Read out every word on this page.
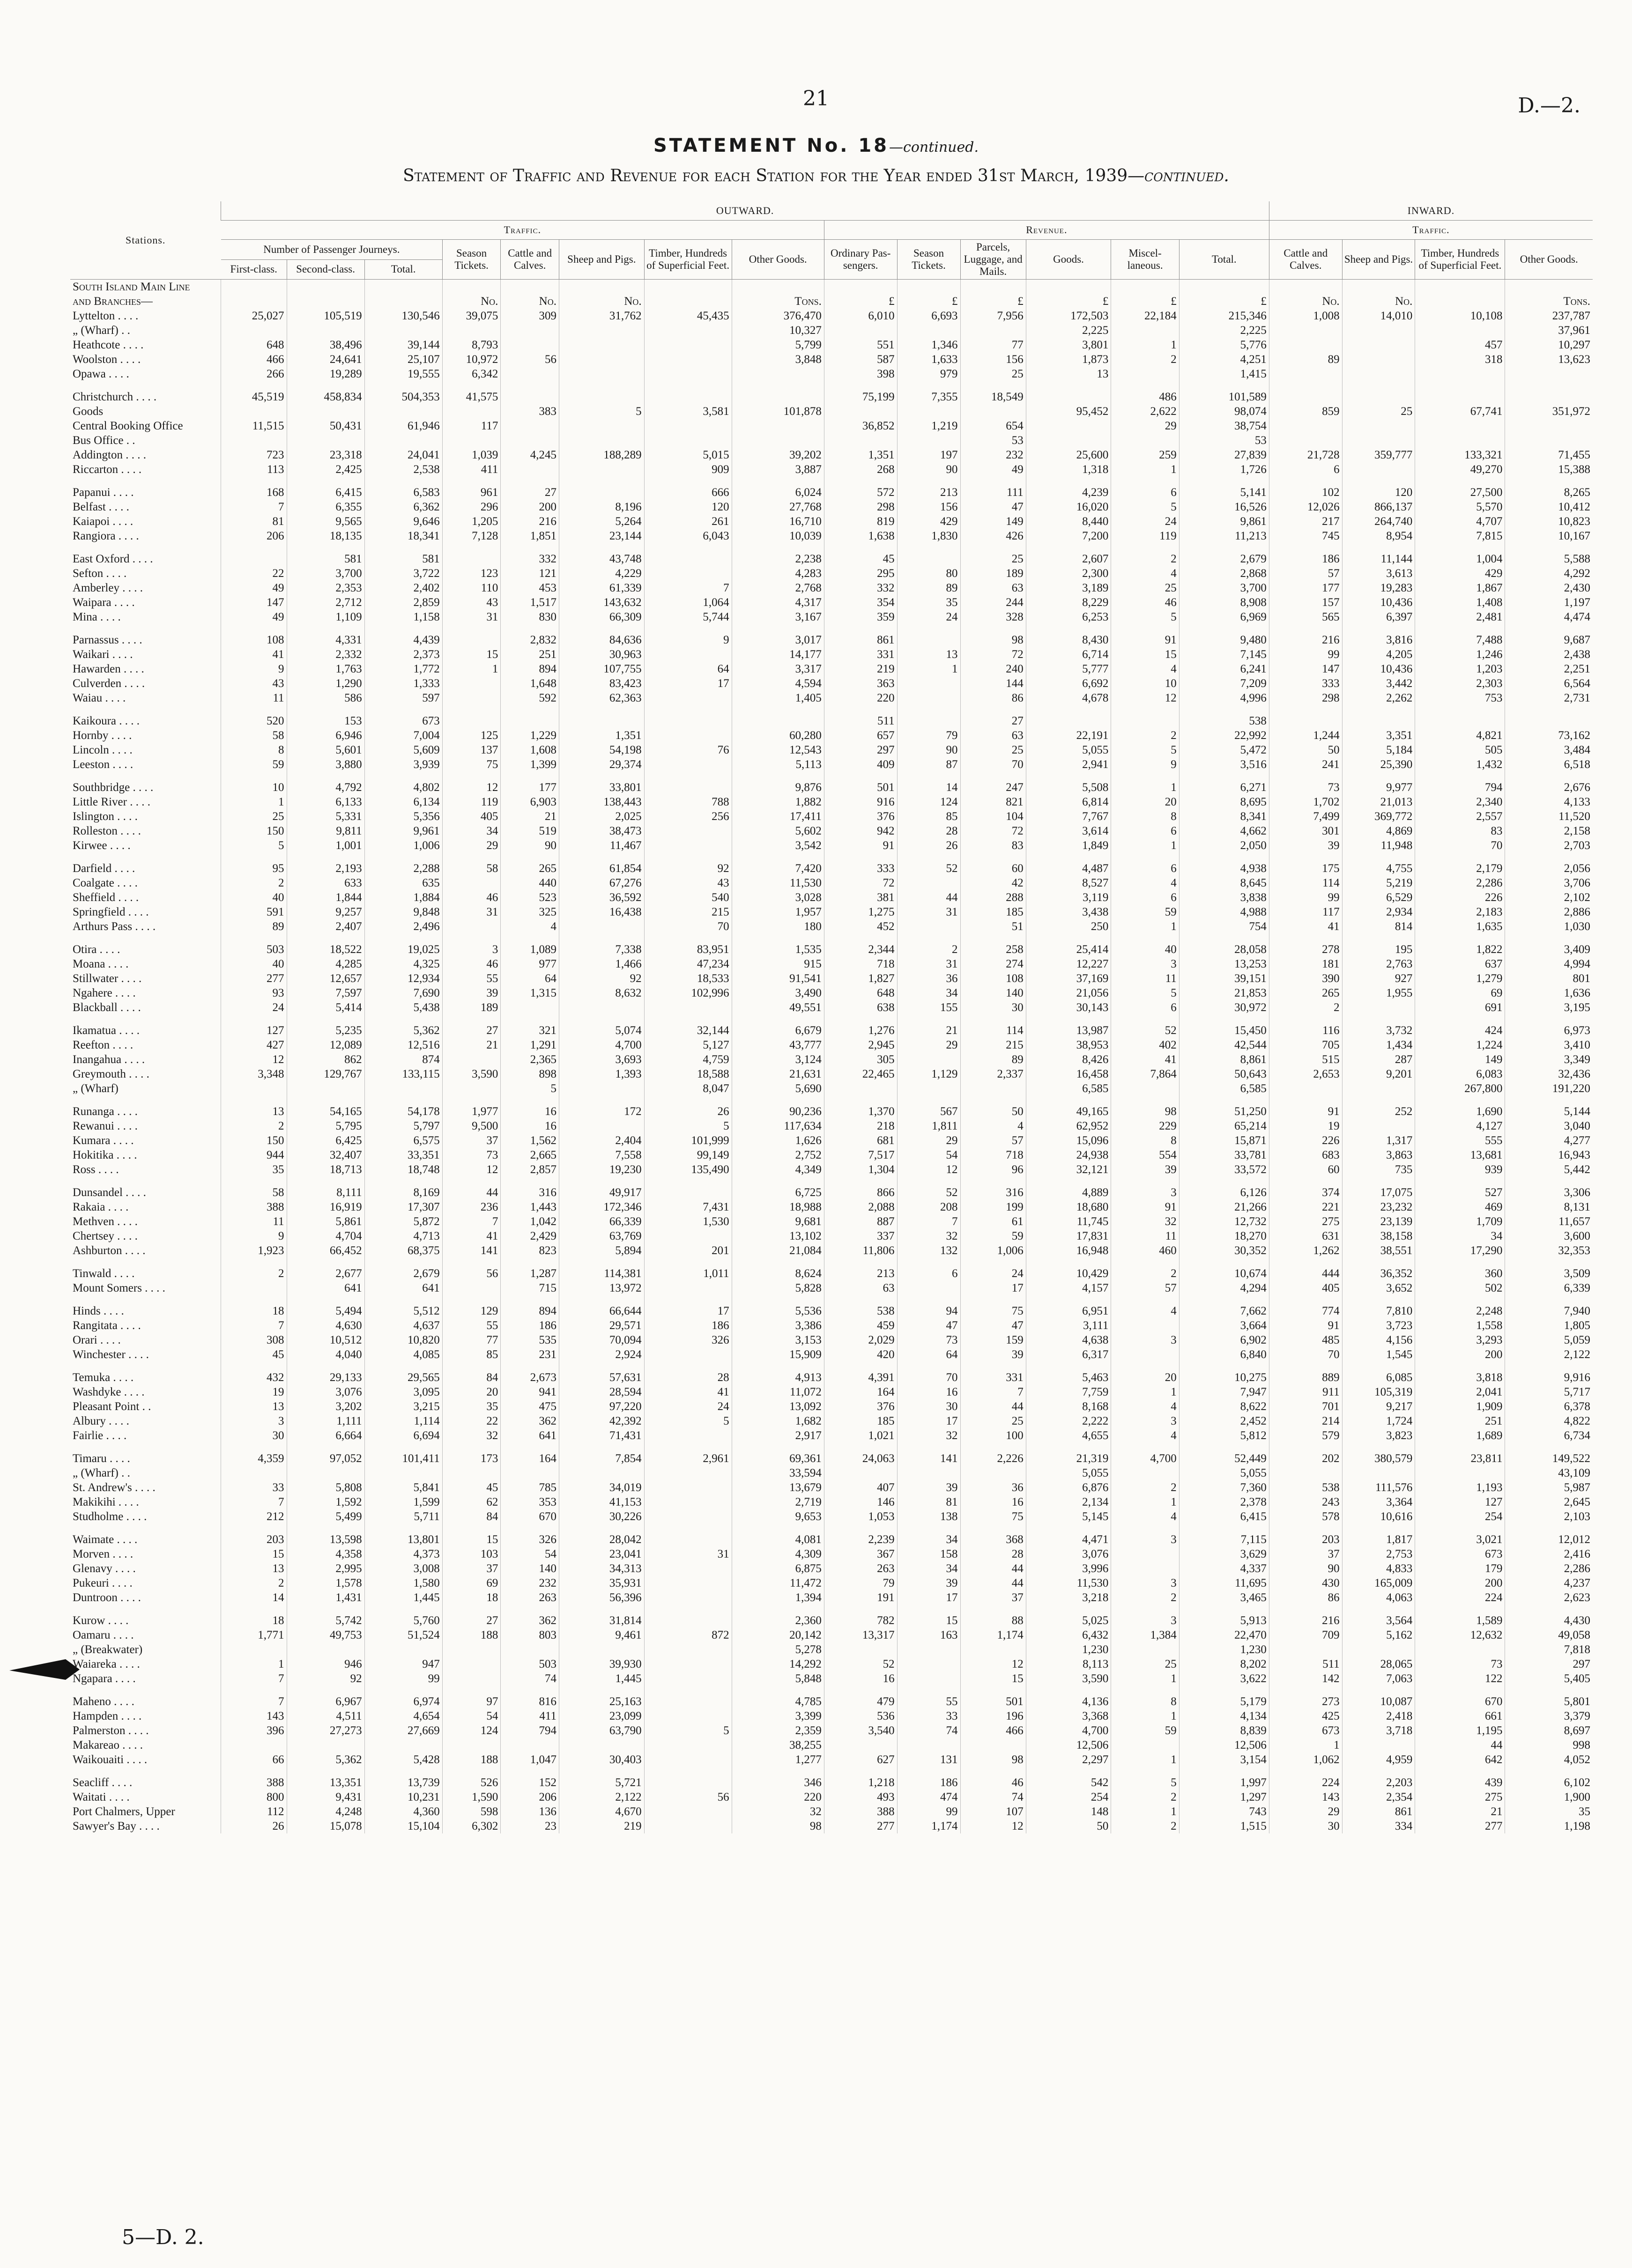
21	D.—2.
STATEMENT No. 18—continued.
Statement of Traffic and Revenue for each Station for the Year ended 31st March, 1939—continued.
Stations.	OUTWARD.														INWARD.			
	Traffic.								Revenue.						Traffic.			
	Number of Passenger Journeys.			Season Tickets.	Cattle and Calves.	Sheep and Pigs.	Timber, Hundreds of Superficial Feet.	Other Goods.	Ordinary Pas-sengers.	Season Tickets.	Parcels, Luggage, and Mails.	Goods.	Miscel-laneous.	Total.	Cattle and Calves.	Sheep and Pigs.	Timber, Hundreds of Superficial Feet.	Other Goods.
	First-class.	Second-class.	Total.															
South Island Main Line																		
and Branches—				No.	No.	No.		Tons.	£	£	£	£	£	£	No.	No.		Tons.
Lyttelton . . . .	25,027	105,519	130,546	39,075	309	31,762	45,435	376,470	6,010	6,693	7,956	172,503	22,184	215,346	1,008	14,010	10,108	237,787
„ (Wharf) . .								10,327				2,225		2,225				37,961
Heathcote . . . .	648	38,496	39,144	8,793				5,799	551	1,346	77	3,801	1	5,776			457	10,297
Woolston . . . .	466	24,641	25,107	10,972	56			3,848	587	1,633	156	1,873	2	4,251	89		318	13,623
Opawa . . . .	266	19,289	19,555	6,342					398	979	25	13		1,415				

Christchurch . . . .	45,519	458,834	504,353	41,575					75,199	7,355	18,549		486	101,589				
Goods					383	5	3,581	101,878				95,452	2,622	98,074	859	25	67,741	351,972
Central Booking Office	11,515	50,431	61,946	117					36,852	1,219	654		29	38,754				
Bus Office . .											53			53				
Addington . . . .	723	23,318	24,041	1,039	4,245	188,289	5,015	39,202	1,351	197	232	25,600	259	27,839	21,728	359,777	133,321	71,455
Riccarton . . . .	113	2,425	2,538	411			909	3,887	268	90	49	1,318	1	1,726	6		49,270	15,388

Papanui . . . .	168	6,415	6,583	961	27		666	6,024	572	213	111	4,239	6	5,141	102	120	27,500	8,265
Belfast . . . .	7	6,355	6,362	296	200	8,196	120	27,768	298	156	47	16,020	5	16,526	12,026	866,137	5,570	10,412
Kaiapoi . . . .	81	9,565	9,646	1,205	216	5,264	261	16,710	819	429	149	8,440	24	9,861	217	264,740	4,707	10,823
Rangiora . . . .	206	18,135	18,341	7,128	1,851	23,144	6,043	10,039	1,638	1,830	426	7,200	119	11,213	745	8,954	7,815	10,167

East Oxford . . . .		581	581		332	43,748		2,238	45		25	2,607	2	2,679	186	11,144	1,004	5,588
Sefton . . . .	22	3,700	3,722	123	121	4,229		4,283	295	80	189	2,300	4	2,868	57	3,613	429	4,292
Amberley . . . .	49	2,353	2,402	110	453	61,339	7	2,768	332	89	63	3,189	25	3,700	177	19,283	1,867	2,430
Waipara . . . .	147	2,712	2,859	43	1,517	143,632	1,064	4,317	354	35	244	8,229	46	8,908	157	10,436	1,408	1,197
Mina . . . .	49	1,109	1,158	31	830	66,309	5,744	3,167	359	24	328	6,253	5	6,969	565	6,397	2,481	4,474

Parnassus . . . .	108	4,331	4,439		2,832	84,636	9	3,017	861		98	8,430	91	9,480	216	3,816	7,488	9,687
Waikari . . . .	41	2,332	2,373	15	251	30,963		14,177	331	13	72	6,714	15	7,145	99	4,205	1,246	2,438
Hawarden . . . .	9	1,763	1,772	1	894	107,755	64	3,317	219	1	240	5,777	4	6,241	147	10,436	1,203	2,251
Culverden . . . .	43	1,290	1,333		1,648	83,423	17	4,594	363		144	6,692	10	7,209	333	3,442	2,303	6,564
Waiau . . . .	11	586	597		592	62,363		1,405	220		86	4,678	12	4,996	298	2,262	753	2,731

Kaikoura . . . .	520	153	673						511		27			538				
Hornby . . . .	58	6,946	7,004	125	1,229	1,351		60,280	657	79	63	22,191	2	22,992	1,244	3,351	4,821	73,162
Lincoln . . . .	8	5,601	5,609	137	1,608	54,198	76	12,543	297	90	25	5,055	5	5,472	50	5,184	505	3,484
Leeston . . . .	59	3,880	3,939	75	1,399	29,374		5,113	409	87	70	2,941	9	3,516	241	25,390	1,432	6,518

Southbridge . . . .	10	4,792	4,802	12	177	33,801		9,876	501	14	247	5,508	1	6,271	73	9,977	794	2,676
Little River . . . .	1	6,133	6,134	119	6,903	138,443	788	1,882	916	124	821	6,814	20	8,695	1,702	21,013	2,340	4,133
Islington . . . .	25	5,331	5,356	405	21	2,025	256	17,411	376	85	104	7,767	8	8,341	7,499	369,772	2,557	11,520
Rolleston . . . .	150	9,811	9,961	34	519	38,473		5,602	942	28	72	3,614	6	4,662	301	4,869	83	2,158
Kirwee . . . .	5	1,001	1,006	29	90	11,467		3,542	91	26	83	1,849	1	2,050	39	11,948	70	2,703

Darfield . . . .	95	2,193	2,288	58	265	61,854	92	7,420	333	52	60	4,487	6	4,938	175	4,755	2,179	2,056
Coalgate . . . .	2	633	635		440	67,276	43	11,530	72		42	8,527	4	8,645	114	5,219	2,286	3,706
Sheffield . . . .	40	1,844	1,884	46	523	36,592	540	3,028	381	44	288	3,119	6	3,838	99	6,529	226	2,102
Springfield . . . .	591	9,257	9,848	31	325	16,438	215	1,957	1,275	31	185	3,438	59	4,988	117	2,934	2,183	2,886
Arthurs Pass . . . .	89	2,407	2,496		4		70	180	452		51	250	1	754	41	814	1,635	1,030

Otira . . . .	503	18,522	19,025	3	1,089	7,338	83,951	1,535	2,344	2	258	25,414	40	28,058	278	195	1,822	3,409
Moana . . . .	40	4,285	4,325	46	977	1,466	47,234	915	718	31	274	12,227	3	13,253	181	2,763	637	4,994
Stillwater . . . .	277	12,657	12,934	55	64	92	18,533	91,541	1,827	36	108	37,169	11	39,151	390	927	1,279	801
Ngahere . . . .	93	7,597	7,690	39	1,315	8,632	102,996	3,490	648	34	140	21,056	5	21,853	265	1,955	69	1,636
Blackball . . . .	24	5,414	5,438	189				49,551	638	155	30	30,143	6	30,972	2		691	3,195

Ikamatua . . . .	127	5,235	5,362	27	321	5,074	32,144	6,679	1,276	21	114	13,987	52	15,450	116	3,732	424	6,973
Reefton . . . .	427	12,089	12,516	21	1,291	4,700	5,127	43,777	2,945	29	215	38,953	402	42,544	705	1,434	1,224	3,410
Inangahua . . . .	12	862	874		2,365	3,693	4,759	3,124	305		89	8,426	41	8,861	515	287	149	3,349
Greymouth . . . .	3,348	129,767	133,115	3,590	898	1,393	18,588	21,631	22,465	1,129	2,337	16,458	7,864	50,643	2,653	9,201	6,083	32,436
„ (Wharf)					5		8,047	5,690				6,585		6,585			267,800	191,220

Runanga . . . .	13	54,165	54,178	1,977	16	172	26	90,236	1,370	567	50	49,165	98	51,250	91	252	1,690	5,144
Rewanui . . . .	2	5,795	5,797	9,500	16		5	117,634	218	1,811	4	62,952	229	65,214	19		4,127	3,040
Kumara . . . .	150	6,425	6,575	37	1,562	2,404	101,999	1,626	681	29	57	15,096	8	15,871	226	1,317	555	4,277
Hokitika . . . .	944	32,407	33,351	73	2,665	7,558	99,149	2,752	7,517	54	718	24,938	554	33,781	683	3,863	13,681	16,943
Ross . . . .	35	18,713	18,748	12	2,857	19,230	135,490	4,349	1,304	12	96	32,121	39	33,572	60	735	939	5,442

Dunsandel . . . .	58	8,111	8,169	44	316	49,917		6,725	866	52	316	4,889	3	6,126	374	17,075	527	3,306
Rakaia . . . .	388	16,919	17,307	236	1,443	172,346	7,431	18,988	2,088	208	199	18,680	91	21,266	221	23,232	469	8,131
Methven . . . .	11	5,861	5,872	7	1,042	66,339	1,530	9,681	887	7	61	11,745	32	12,732	275	23,139	1,709	11,657
Chertsey . . . .	9	4,704	4,713	41	2,429	63,769		13,102	337	32	59	17,831	11	18,270	631	38,158	34	3,600
Ashburton . . . .	1,923	66,452	68,375	141	823	5,894	201	21,084	11,806	132	1,006	16,948	460	30,352	1,262	38,551	17,290	32,353

Tinwald . . . .	2	2,677	2,679	56	1,287	114,381	1,011	8,624	213	6	24	10,429	2	10,674	444	36,352	360	3,509
Mount Somers . . . .		641	641		715	13,972		5,828	63		17	4,157	57	4,294	405	3,652	502	6,339

Hinds . . . .	18	5,494	5,512	129	894	66,644	17	5,536	538	94	75	6,951	4	7,662	774	7,810	2,248	7,940
Rangitata . . . .	7	4,630	4,637	55	186	29,571	186	3,386	459	47	47	3,111		3,664	91	3,723	1,558	1,805
Orari . . . .	308	10,512	10,820	77	535	70,094	326	3,153	2,029	73	159	4,638	3	6,902	485	4,156	3,293	5,059
Winchester . . . .	45	4,040	4,085	85	231	2,924		15,909	420	64	39	6,317		6,840	70	1,545	200	2,122

Temuka . . . .	432	29,133	29,565	84	2,673	57,631	28	4,913	4,391	70	331	5,463	20	10,275	889	6,085	3,818	9,916
Washdyke . . . .	19	3,076	3,095	20	941	28,594	41	11,072	164	16	7	7,759	1	7,947	911	105,319	2,041	5,717
Pleasant Point . .	13	3,202	3,215	35	475	97,220	24	13,092	376	30	44	8,168	4	8,622	701	9,217	1,909	6,378
Albury . . . .	3	1,111	1,114	22	362	42,392	5	1,682	185	17	25	2,222	3	2,452	214	1,724	251	4,822
Fairlie . . . .	30	6,664	6,694	32	641	71,431		2,917	1,021	32	100	4,655	4	5,812	579	3,823	1,689	6,734

Timaru . . . .	4,359	97,052	101,411	173	164	7,854	2,961	69,361	24,063	141	2,226	21,319	4,700	52,449	202	380,579	23,811	149,522
„ (Wharf) . .								33,594				5,055		5,055				43,109
St. Andrew's . . . .	33	5,808	5,841	45	785	34,019		13,679	407	39	36	6,876	2	7,360	538	111,576	1,193	5,987
Makikihi . . . .	7	1,592	1,599	62	353	41,153		2,719	146	81	16	2,134	1	2,378	243	3,364	127	2,645
Studholme . . . .	212	5,499	5,711	84	670	30,226		9,653	1,053	138	75	5,145	4	6,415	578	10,616	254	2,103

Waimate . . . .	203	13,598	13,801	15	326	28,042		4,081	2,239	34	368	4,471	3	7,115	203	1,817	3,021	12,012
Morven . . . .	15	4,358	4,373	103	54	23,041	31	4,309	367	158	28	3,076		3,629	37	2,753	673	2,416
Glenavy . . . .	13	2,995	3,008	37	140	34,313		6,875	263	34	44	3,996		4,337	90	4,833	179	2,286
Pukeuri . . . .	2	1,578	1,580	69	232	35,931		11,472	79	39	44	11,530	3	11,695	430	165,009	200	4,237
Duntroon . . . .	14	1,431	1,445	18	263	56,396		1,394	191	17	37	3,218	2	3,465	86	4,063	224	2,623

Kurow . . . .	18	5,742	5,760	27	362	31,814		2,360	782	15	88	5,025	3	5,913	216	3,564	1,589	4,430
Oamaru . . . .	1,771	49,753	51,524	188	803	9,461	872	20,142	13,317	163	1,174	6,432	1,384	22,470	709	5,162	12,632	49,058
„ (Breakwater)								5,278				1,230		1,230				7,818
Waiareka . . . .	1	946	947		503	39,930		14,292	52		12	8,113	25	8,202	511	28,065	73	297
Ngapara . . . .	7	92	99		74	1,445		5,848	16		15	3,590	1	3,622	142	7,063	122	5,405

Maheno . . . .	7	6,967	6,974	97	816	25,163		4,785	479	55	501	4,136	8	5,179	273	10,087	670	5,801
Hampden . . . .	143	4,511	4,654	54	411	23,099		3,399	536	33	196	3,368	1	4,134	425	2,418	661	3,379
Palmerston . . . .	396	27,273	27,669	124	794	63,790	5	2,359	3,540	74	466	4,700	59	8,839	673	3,718	1,195	8,697
Makareao . . . .								38,255				12,506		12,506	1		44	998
Waikouaiti . . . .	66	5,362	5,428	188	1,047	30,403		1,277	627	131	98	2,297	1	3,154	1,062	4,959	642	4,052

Seacliff . . . .	388	13,351	13,739	526	152	5,721		346	1,218	186	46	542	5	1,997	224	2,203	439	6,102
Waitati . . . .	800	9,431	10,231	1,590	206	2,122	56	220	493	474	74	254	2	1,297	143	2,354	275	1,900
Port Chalmers, Upper	112	4,248	4,360	598	136	4,670		32	388	99	107	148	1	743	29	861	21	35
Sawyer's Bay . . . .	26	15,078	15,104	6,302	23	219		98	277	1,174	12	50	2	1,515	30	334	277	1,198
5—D. 2.
